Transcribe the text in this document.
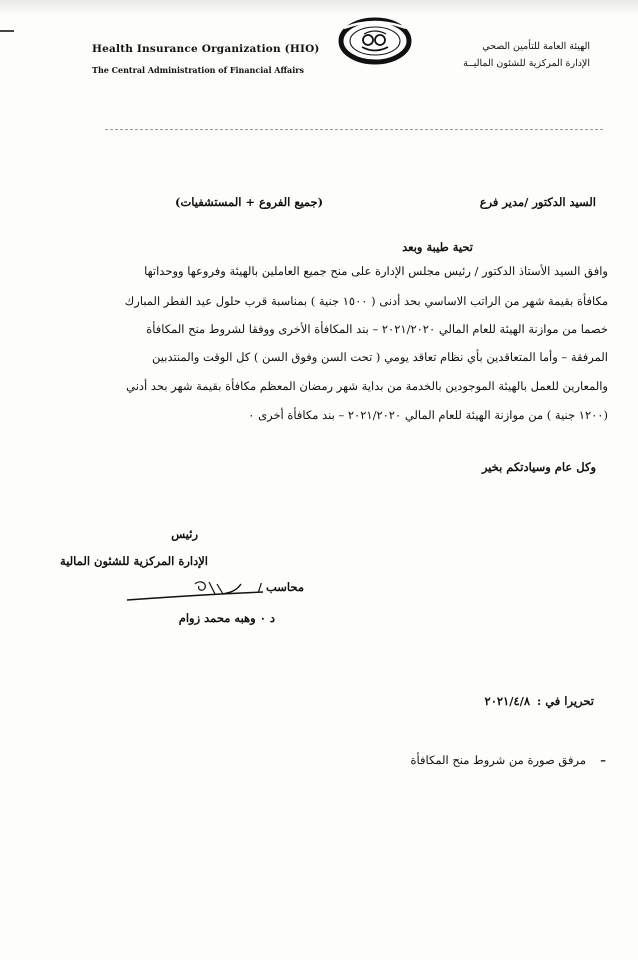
Health Insurance Organization (HIO)
The Central Administration of Financial Affairs
الهيئة العامة للتأمين الصحي
الإدارة المركزية للشئون الماليــة
السيد الدكتور /مدير فرع
(جميع الفروع + المستشفيات)
تحية طيبة وبعد
وافق السيد الأستاذ الدكتور / رئيس مجلس الإدارة على منح جميع العاملين بالهيئة وفروعها ووحداتها
مكافأة بقيمة شهر من الراتب الاساسي بحد أدنى ( ١٥٠٠ جنية ) بمناسبة قرب حلول عيد الفطر المبارك
خصما من موازنة الهيئة للعام المالي ٢٠٢١/٢٠٢٠ – بند المكافأة الأخرى ووفقا لشروط منح المكافأة
المرفقة – وأما المتعاقدين بأي نظام تعاقد يومي ( تحت السن وفوق السن ) كل الوقت والمنتدبين
والمعارين للعمل بالهيئة الموجودين بالخدمة من بداية شهر رمضان المعظم مكافأة بقيمة شهر بحد أدني
(١٢٠٠ جنية ) من موازنة الهيئة للعام المالي ٢٠٢١/٢٠٢٠ – بند مكافأة أخرى ٠
وكل عام وسيادتكم بخير
رئيس
الإدارة المركزية للشئون المالية
محاسب /
د ٠ وهبه محمد زوام
تحريرا في :
٢٠٢١/٤/٨
–
مرفق صورة من شروط منح المكافأة
